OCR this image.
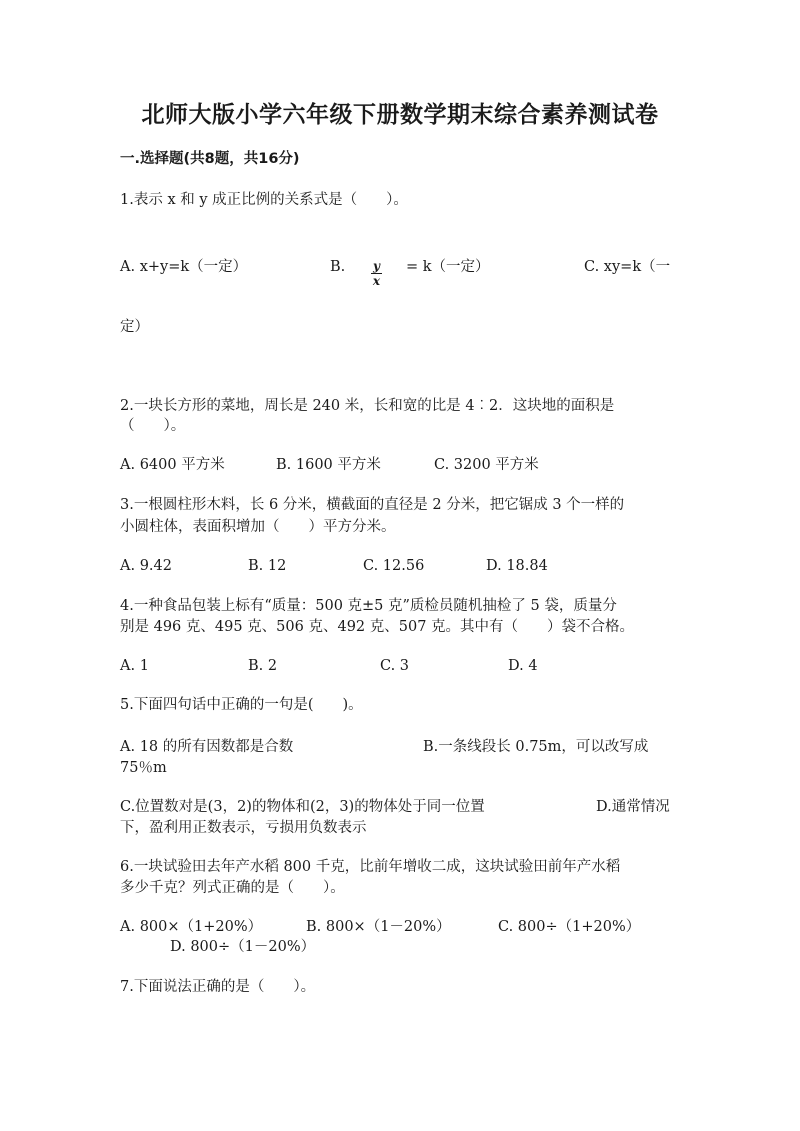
北师大版小学六年级下册数学期末综合素养测试卷
一.选择题(共8题，共16分)
1.表示 x 和 y 成正比例的关系式是（　　）。
A. x+y=k（一定）	B. $\frac{y}{x} = k$（一定）	C. xy=k（一
定）
2.一块长方形的菜地，周长是 240 米，长和宽的比是 4︰2．这块地的面积是
（　　）。
A. 6400 平方米	B. 1600 平方米	C. 3200 平方米
3.一根圆柱形木料，长 6 分米，横截面的直径是 2 分米，把它锯成 3 个一样的
小圆柱体，表面积增加（　　）平方分米。
A. 9.42	B. 12	C. 12.56	D. 18.84
4.一种食品包装上标有“质量：500 克±5 克”质检员随机抽检了 5 袋，质量分
别是 496 克、495 克、506 克、492 克、507 克。其中有（　　）袋不合格。
A. 1	B. 2	C. 3	D. 4
5.下面四句话中正确的一句是(　　)。
A. 18 的所有因数都是合数	B.一条线段长 0.75m，可以改写成
75％m
C.位置数对是(3，2)的物体和(2，3)的物体处于同一位置	D.通常情况
下，盈利用正数表示，亏损用负数表示
6.一块试验田去年产水稻 800 千克，比前年增收二成，这块试验田前年产水稻
多少千克？列式正确的是（　　）。
A. 800×（1+20%）	B. 800×（1－20%）	C. 800÷（1+20%）
D. 800÷（1－20%）
7.下面说法正确的是（　　）。
